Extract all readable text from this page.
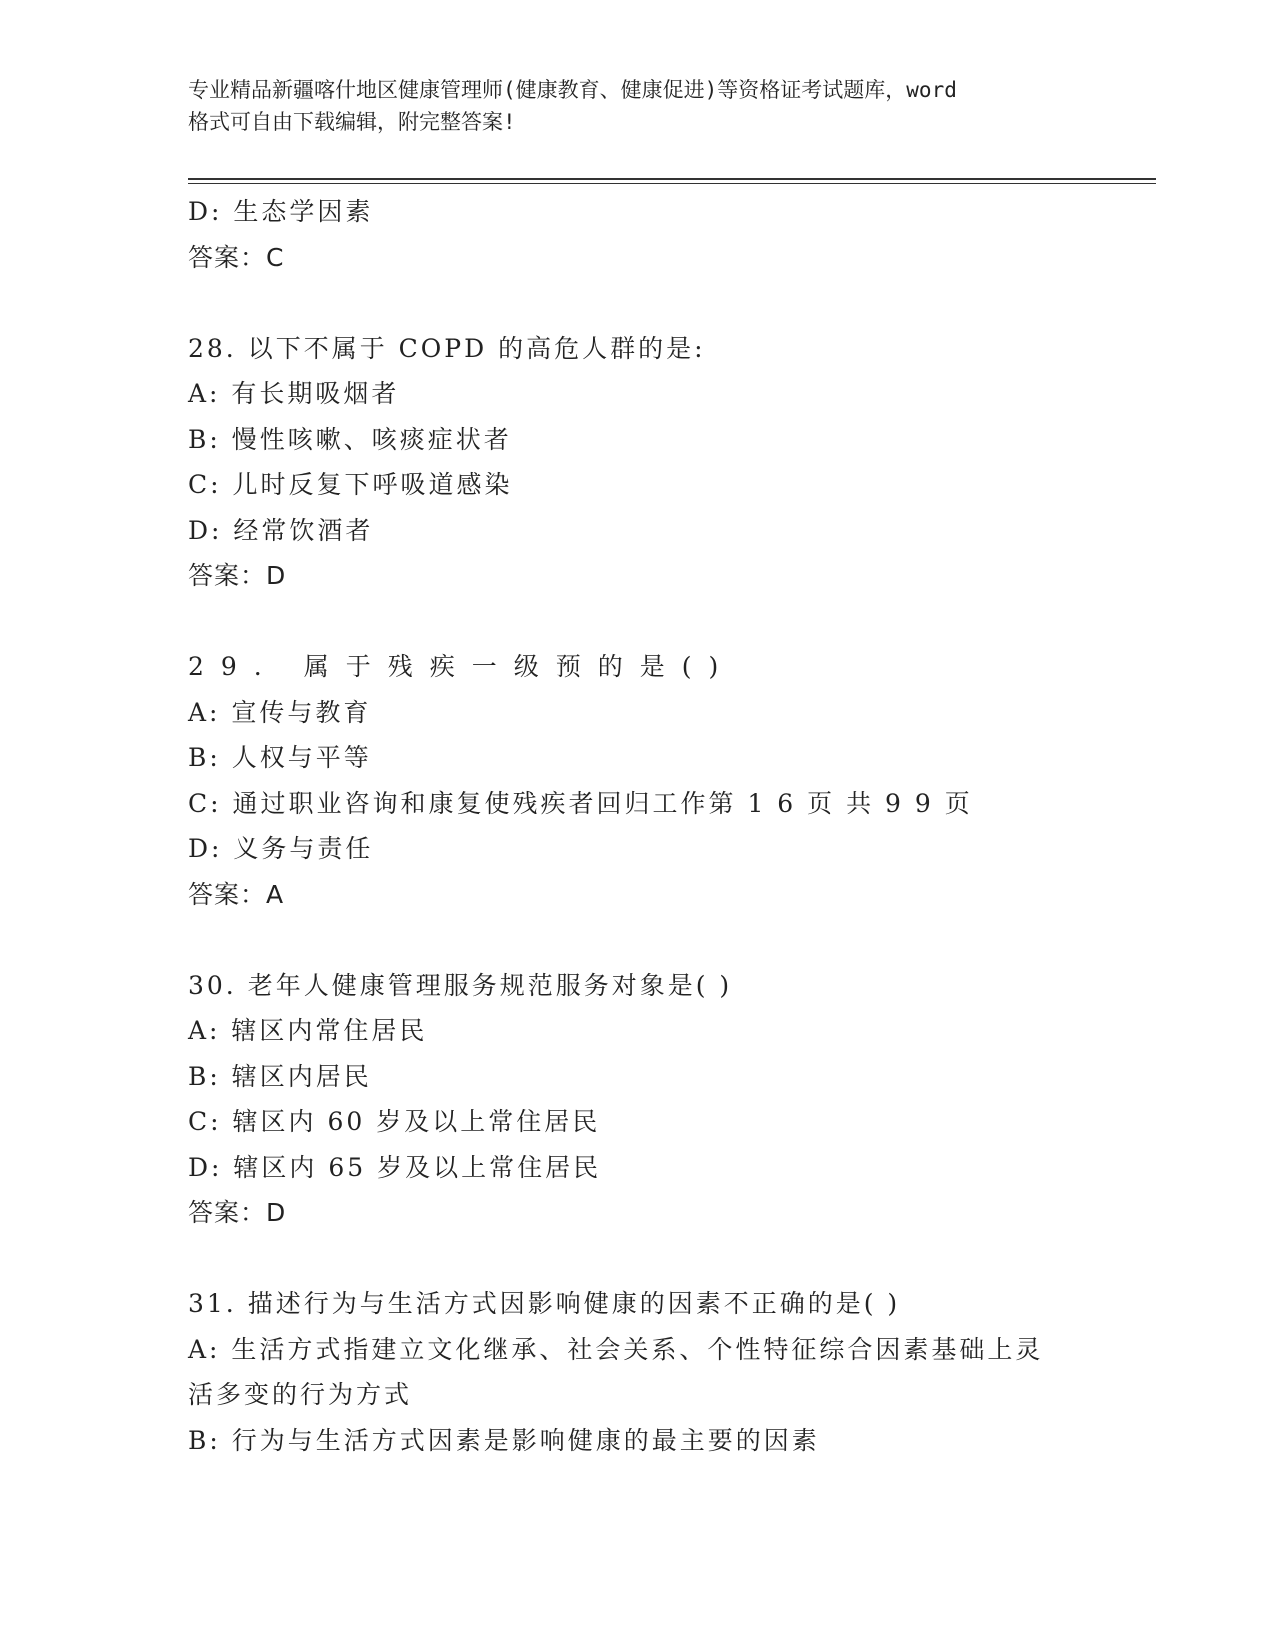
专业精品新疆喀什地区健康管理师(健康教育、健康促进)等资格证考试题库，word
格式可自由下载编辑，附完整答案!
D: 生态学因素
答案：C
28. 以下不属于 COPD 的高危人群的是:
A: 有长期吸烟者
B: 慢性咳嗽、咳痰症状者
C: 儿时反复下呼吸道感染
D: 经常饮酒者
答案：D
29. 属于残疾一级预的是()
A: 宣传与教育
B: 人权与平等
C: 通过职业咨询和康复使残疾者回归工作第 1 6 页 共 9 9 页
D: 义务与责任
答案：A
30. 老年人健康管理服务规范服务对象是( )
A: 辖区内常住居民
B: 辖区内居民
C: 辖区内 60 岁及以上常住居民
D: 辖区内 65 岁及以上常住居民
答案：D
31. 描述行为与生活方式因影响健康的因素不正确的是( )
A: 生活方式指建立文化继承、社会关系、个性特征综合因素基础上灵
活多变的行为方式
B: 行为与生活方式因素是影响健康的最主要的因素
